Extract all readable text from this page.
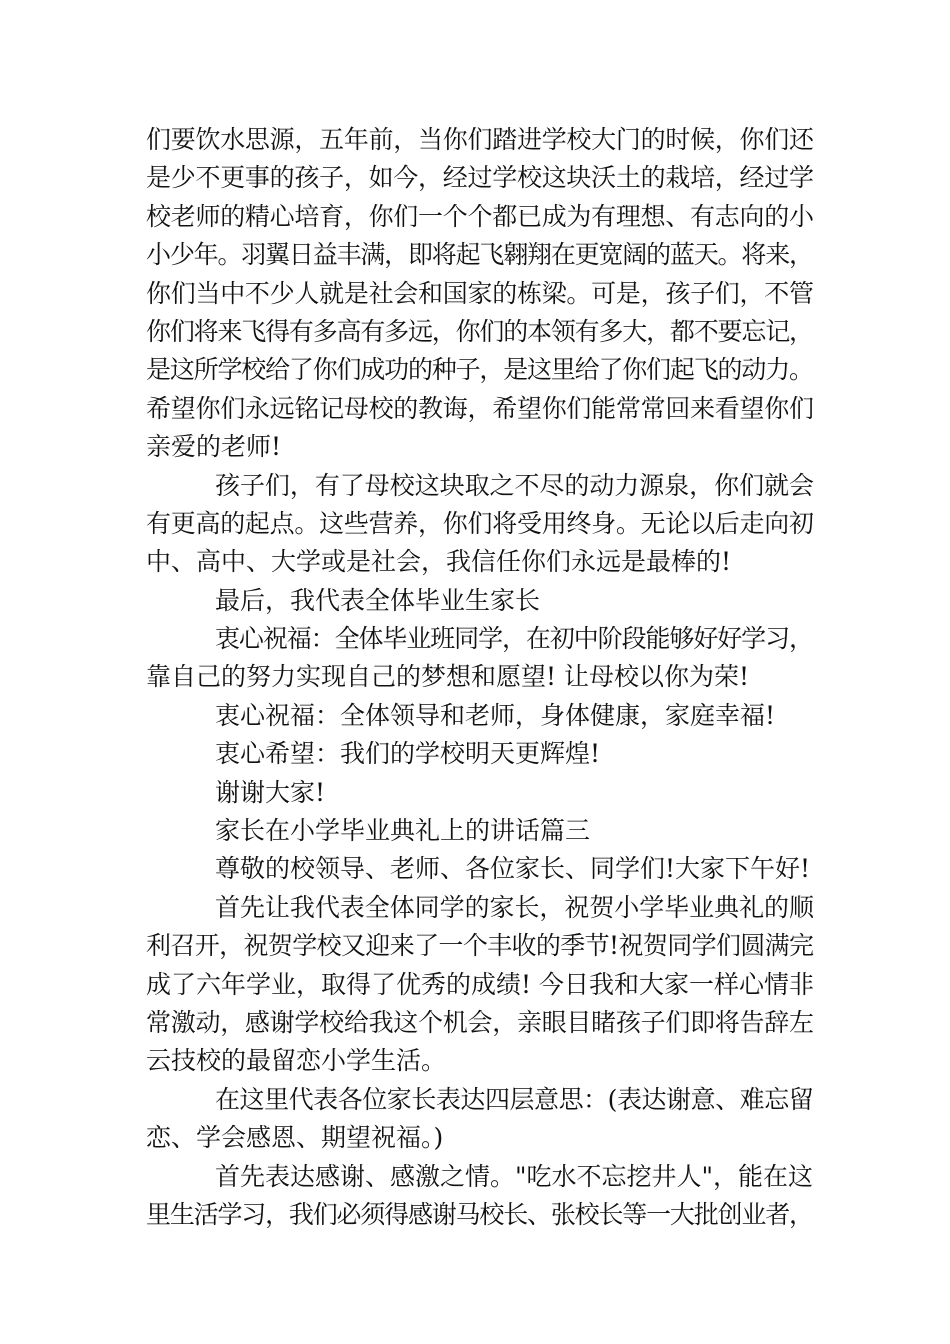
们要饮水思源，五年前，当你们踏进学校大门的时候，你们还
是少不更事的孩子，如今，经过学校这块沃土的栽培，经过学
校老师的精心培育，你们一个个都已成为有理想、有志向的小
小少年。羽翼日益丰满，即将起飞翱翔在更宽阔的蓝天。将来，
你们当中不少人就是社会和国家的栋梁。可是，孩子们，不管
你们将来飞得有多高有多远，你们的本领有多大，都不要忘记，
是这所学校给了你们成功的种子，是这里给了你们起飞的动力。
希望你们永远铭记母校的教诲，希望你们能常常回来看望你们
亲爱的老师!
孩子们，有了母校这块取之不尽的动力源泉，你们就会
有更高的起点。这些营养，你们将受用终身。无论以后走向初
中、高中、大学或是社会，我信任你们永远是最棒的!
最后，我代表全体毕业生家长
衷心祝福：全体毕业班同学，在初中阶段能够好好学习，
靠自己的努力实现自己的梦想和愿望! 让母校以你为荣!
衷心祝福：全体领导和老师，身体健康，家庭幸福!
衷心希望：我们的学校明天更辉煌!
谢谢大家!
家长在小学毕业典礼上的讲话篇三
尊敬的校领导、老师、各位家长、同学们!大家下午好!
首先让我代表全体同学的家长，祝贺小学毕业典礼的顺
利召开，祝贺学校又迎来了一个丰收的季节!祝贺同学们圆满完
成了六年学业，取得了优秀的成绩! 今日我和大家一样心情非
常激动，感谢学校给我这个机会，亲眼目睹孩子们即将告辞左
云技校的最留恋小学生活。
在这里代表各位家长表达四层意思：(表达谢意、难忘留
恋、学会感恩、期望祝福。)
首先表达感谢、感激之情。"吃水不忘挖井人"，能在这
里生活学习，我们必须得感谢马校长、张校长等一大批创业者，
